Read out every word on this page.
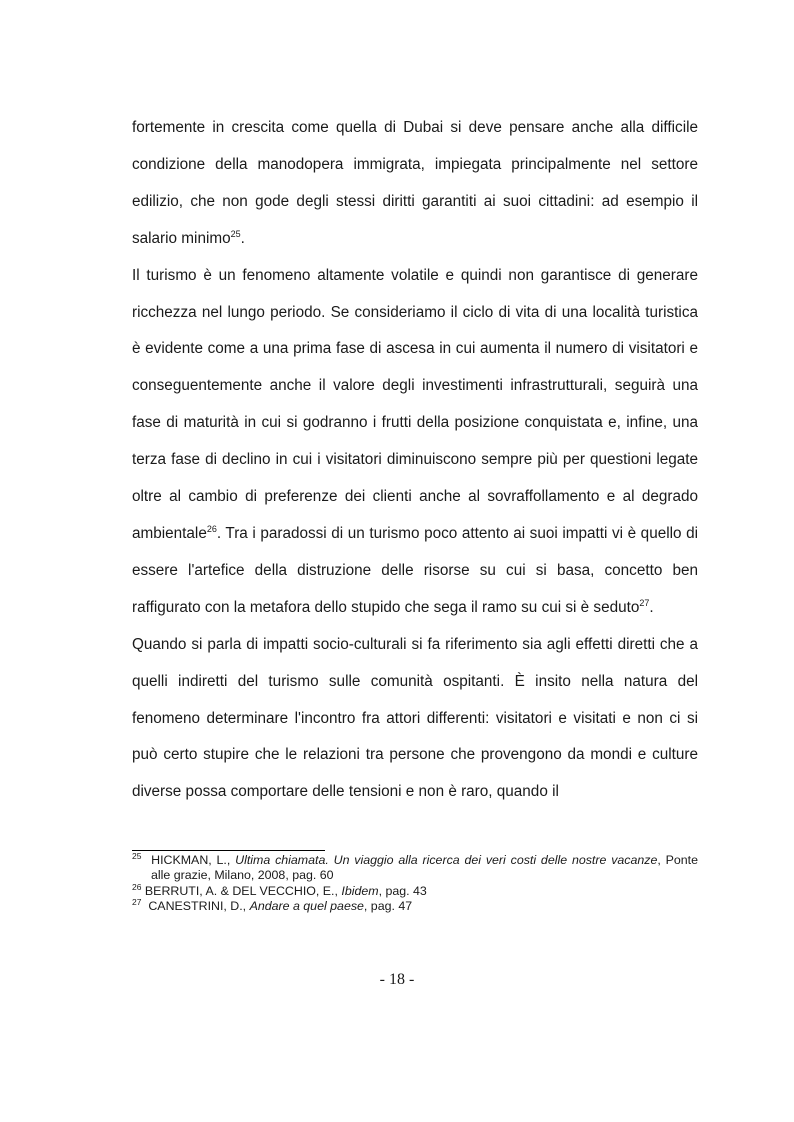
fortemente in crescita come quella di Dubai si deve pensare anche alla difficile condizione della manodopera immigrata, impiegata principalmente nel settore edilizio, che non gode degli stessi diritti garantiti ai suoi cittadini: ad esempio il salario minimo$^{25}$.

Il turismo è un fenomeno altamente volatile e quindi non garantisce di generare ricchezza nel lungo periodo. Se consideriamo il ciclo di vita di una località turistica è evidente come a una prima fase di ascesa in cui aumenta il numero di visitatori e conseguentemente anche il valore degli investimenti infrastrutturali, seguirà una fase di maturità in cui si godranno i frutti della posizione conquistata e, infine, una terza fase di declino in cui i visitatori diminuiscono sempre più per questioni legate oltre al cambio di preferenze dei clienti anche al sovraffollamento e al degrado ambientale$^{26}$. Tra i paradossi di un turismo poco attento ai suoi impatti vi è quello di essere l'artefice della distruzione delle risorse su cui si basa, concetto ben raffigurato con la metafora dello stupido che sega il ramo su cui si è seduto$^{27}$.

Quando si parla di impatti socio-culturali si fa riferimento sia agli effetti diretti che a quelli indiretti del turismo sulle comunità ospitanti. È insito nella natura del fenomeno determinare l'incontro fra attori differenti: visitatori e visitati e non ci si può certo stupire che le relazioni tra persone che provengono da mondi e culture diverse possa comportare delle tensioni e non è raro, quando il

$^{25}$ HICKMAN, L., Ultima chiamata. Un viaggio alla ricerca dei veri costi delle nostre vacanze, Ponte alle grazie, Milano, 2008, pag. 60
$^{26}$ BERRUTI, A. & DEL VECCHIO, E., Ibidem, pag. 43
$^{27}$ CANESTRINI, D., Andare a quel paese, pag. 47
- 18 -
